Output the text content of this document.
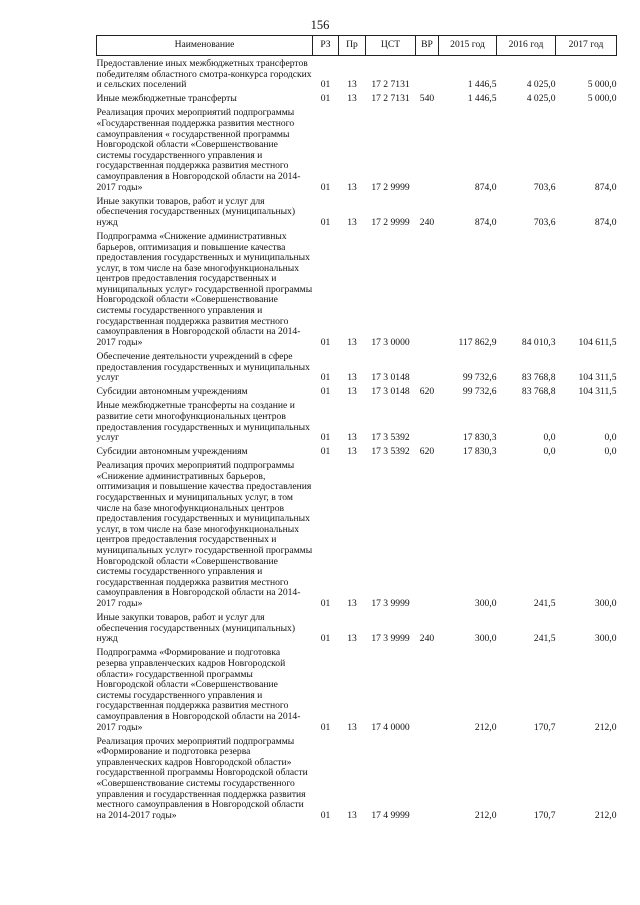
156
Наименование	РЗ	Пр	ЦСТ	ВР	2015 год	2016 год	2017 год
Предоставление иных межбюджетных трансфертов победителям областного смотра-конкурса городских и сельских поселений	01	13	17 2 7131		1 446,5	4 025,0	5 000,0
Иные межбюджетные трансферты	01	13	17 2 7131	540	1 446,5	4 025,0	5 000,0
Реализация прочих мероприятий подпрограммы «Государственная поддержка развития местного самоуправления « государственной программы Новгородской области «Совершенствование системы государственного управления и государственная поддержка развития местного самоуправления в Новгородской области на 2014-2017 годы»	01	13	17 2 9999		874,0	703,6	874,0
Иные закупки товаров, работ и услуг для обеспечения государственных (муниципальных) нужд	01	13	17 2 9999	240	874,0	703,6	874,0
Подпрограмма «Снижение административных барьеров, оптимизация и повышение качества предоставления государственных и муниципальных услуг, в том числе на базе многофункциональных центров предоставления государственных и муниципальных услуг» государственной программы Новгородской области «Совершенствование системы государственного управления и государственная поддержка развития местного самоуправления в Новгородской области на 2014-2017 годы»	01	13	17 3 0000		117 862,9	84 010,3	104 611,5
Обеспечение деятельности учреждений в сфере предоставления государственных и муниципальных услуг	01	13	17 3 0148		99 732,6	83 768,8	104 311,5
Субсидии автономным учреждениям	01	13	17 3 0148	620	99 732,6	83 768,8	104 311,5
Иные межбюджетные трансферты на создание и развитие сети многофункциональных центров предоставления государственных и муниципальных услуг	01	13	17 3 5392		17 830,3	0,0	0,0
Субсидии автономным учреждениям	01	13	17 3 5392	620	17 830,3	0,0	0,0
Реализация прочих мероприятий подпрограммы «Снижение административных барьеров, оптимизация и повышение качества предоставления государственных и муниципальных услуг, в том числе на базе многофункциональных центров предоставления государственных и муниципальных услуг, в том числе на базе многофункциональных центров предоставления государственных и муниципальных услуг» государственной программы Новгородской области «Совершенствование системы государственного управления и государственная поддержка развития местного самоуправления в Новгородской области на 2014-2017 годы»	01	13	17 3 9999		300,0	241,5	300,0
Иные закупки товаров, работ и услуг для обеспечения государственных (муниципальных) нужд	01	13	17 3 9999	240	300,0	241,5	300,0
Подпрограмма «Формирование и подготовка резерва управленческих кадров Новгородской области» государственной программы Новгородской области «Совершенствование системы государственного управления и государственная поддержка развития местного самоуправления в Новгородской области на 2014-2017 годы»	01	13	17 4 0000		212,0	170,7	212,0
Реализация прочих мероприятий подпрограммы «Формирование и подготовка резерва управленческих кадров Новгородской области» государственной программы Новгородской области «Совершенствование системы государственного управления и государственная поддержка развития местного самоуправления в Новгородской области на 2014-2017 годы»	01	13	17 4 9999		212,0	170,7	212,0
